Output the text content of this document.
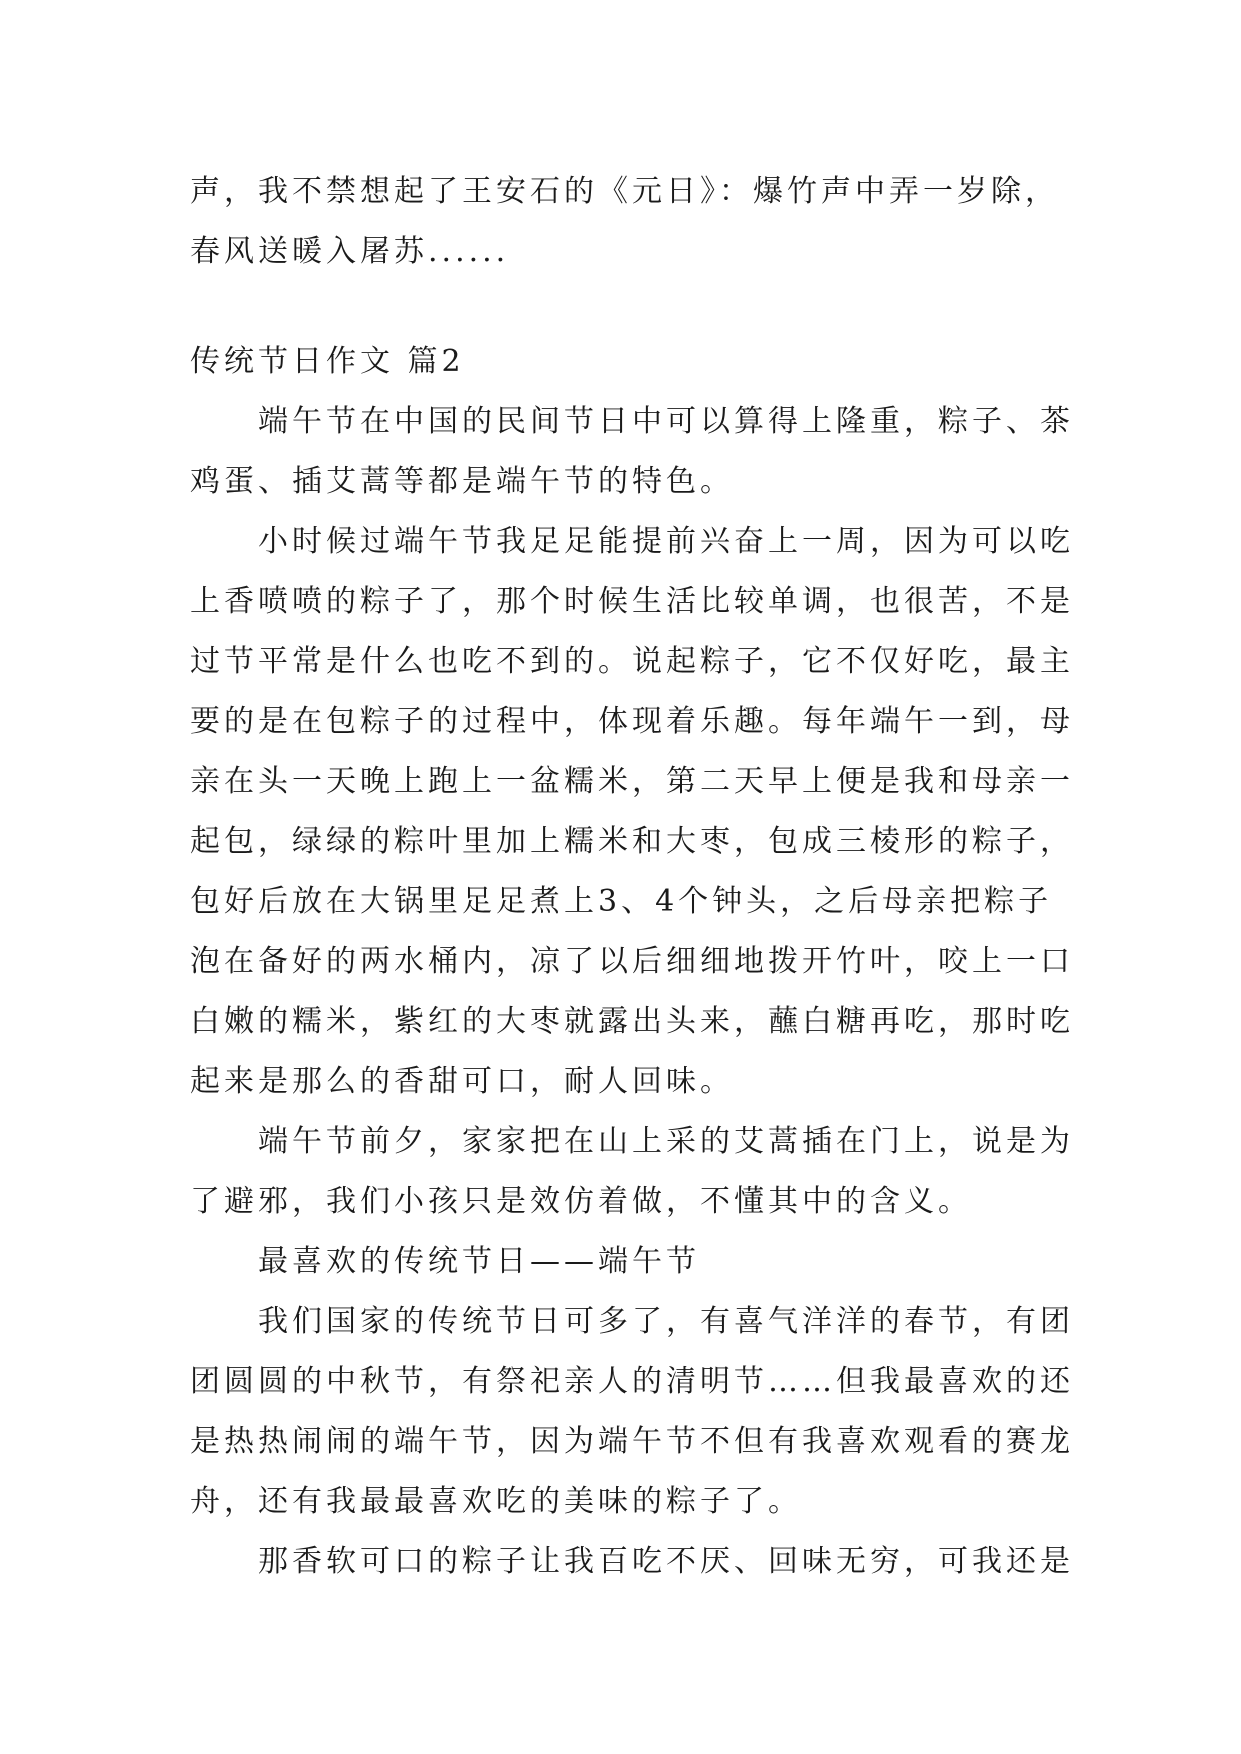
声，我不禁想起了王安石的《元日》：爆竹声中弄一岁除，
春风送暖入屠苏......
传统节日作文 篇2
端午节在中国的民间节日中可以算得上隆重，粽子、茶
鸡蛋、插艾蒿等都是端午节的特色。
小时候过端午节我足足能提前兴奋上一周，因为可以吃
上香喷喷的粽子了，那个时候生活比较单调，也很苦，不是
过节平常是什么也吃不到的。说起粽子，它不仅好吃，最主
要的是在包粽子的过程中，体现着乐趣。每年端午一到，母
亲在头一天晚上跑上一盆糯米，第二天早上便是我和母亲一
起包，绿绿的粽叶里加上糯米和大枣，包成三棱形的粽子，
包好后放在大锅里足足煮上3、4个钟头，之后母亲把粽子
泡在备好的两水桶内，凉了以后细细地拨开竹叶，咬上一口
白嫩的糯米，紫红的大枣就露出头来，蘸白糖再吃，那时吃
起来是那么的香甜可口，耐人回味。
端午节前夕，家家把在山上采的艾蒿插在门上，说是为
了避邪，我们小孩只是效仿着做，不懂其中的含义。
最喜欢的传统节日——端午节
我们国家的传统节日可多了，有喜气洋洋的春节，有团
团圆圆的中秋节，有祭祀亲人的清明节……但我最喜欢的还
是热热闹闹的端午节，因为端午节不但有我喜欢观看的赛龙
舟，还有我最最喜欢吃的美味的粽子了。
那香软可口的粽子让我百吃不厌、回味无穷，可我还是
